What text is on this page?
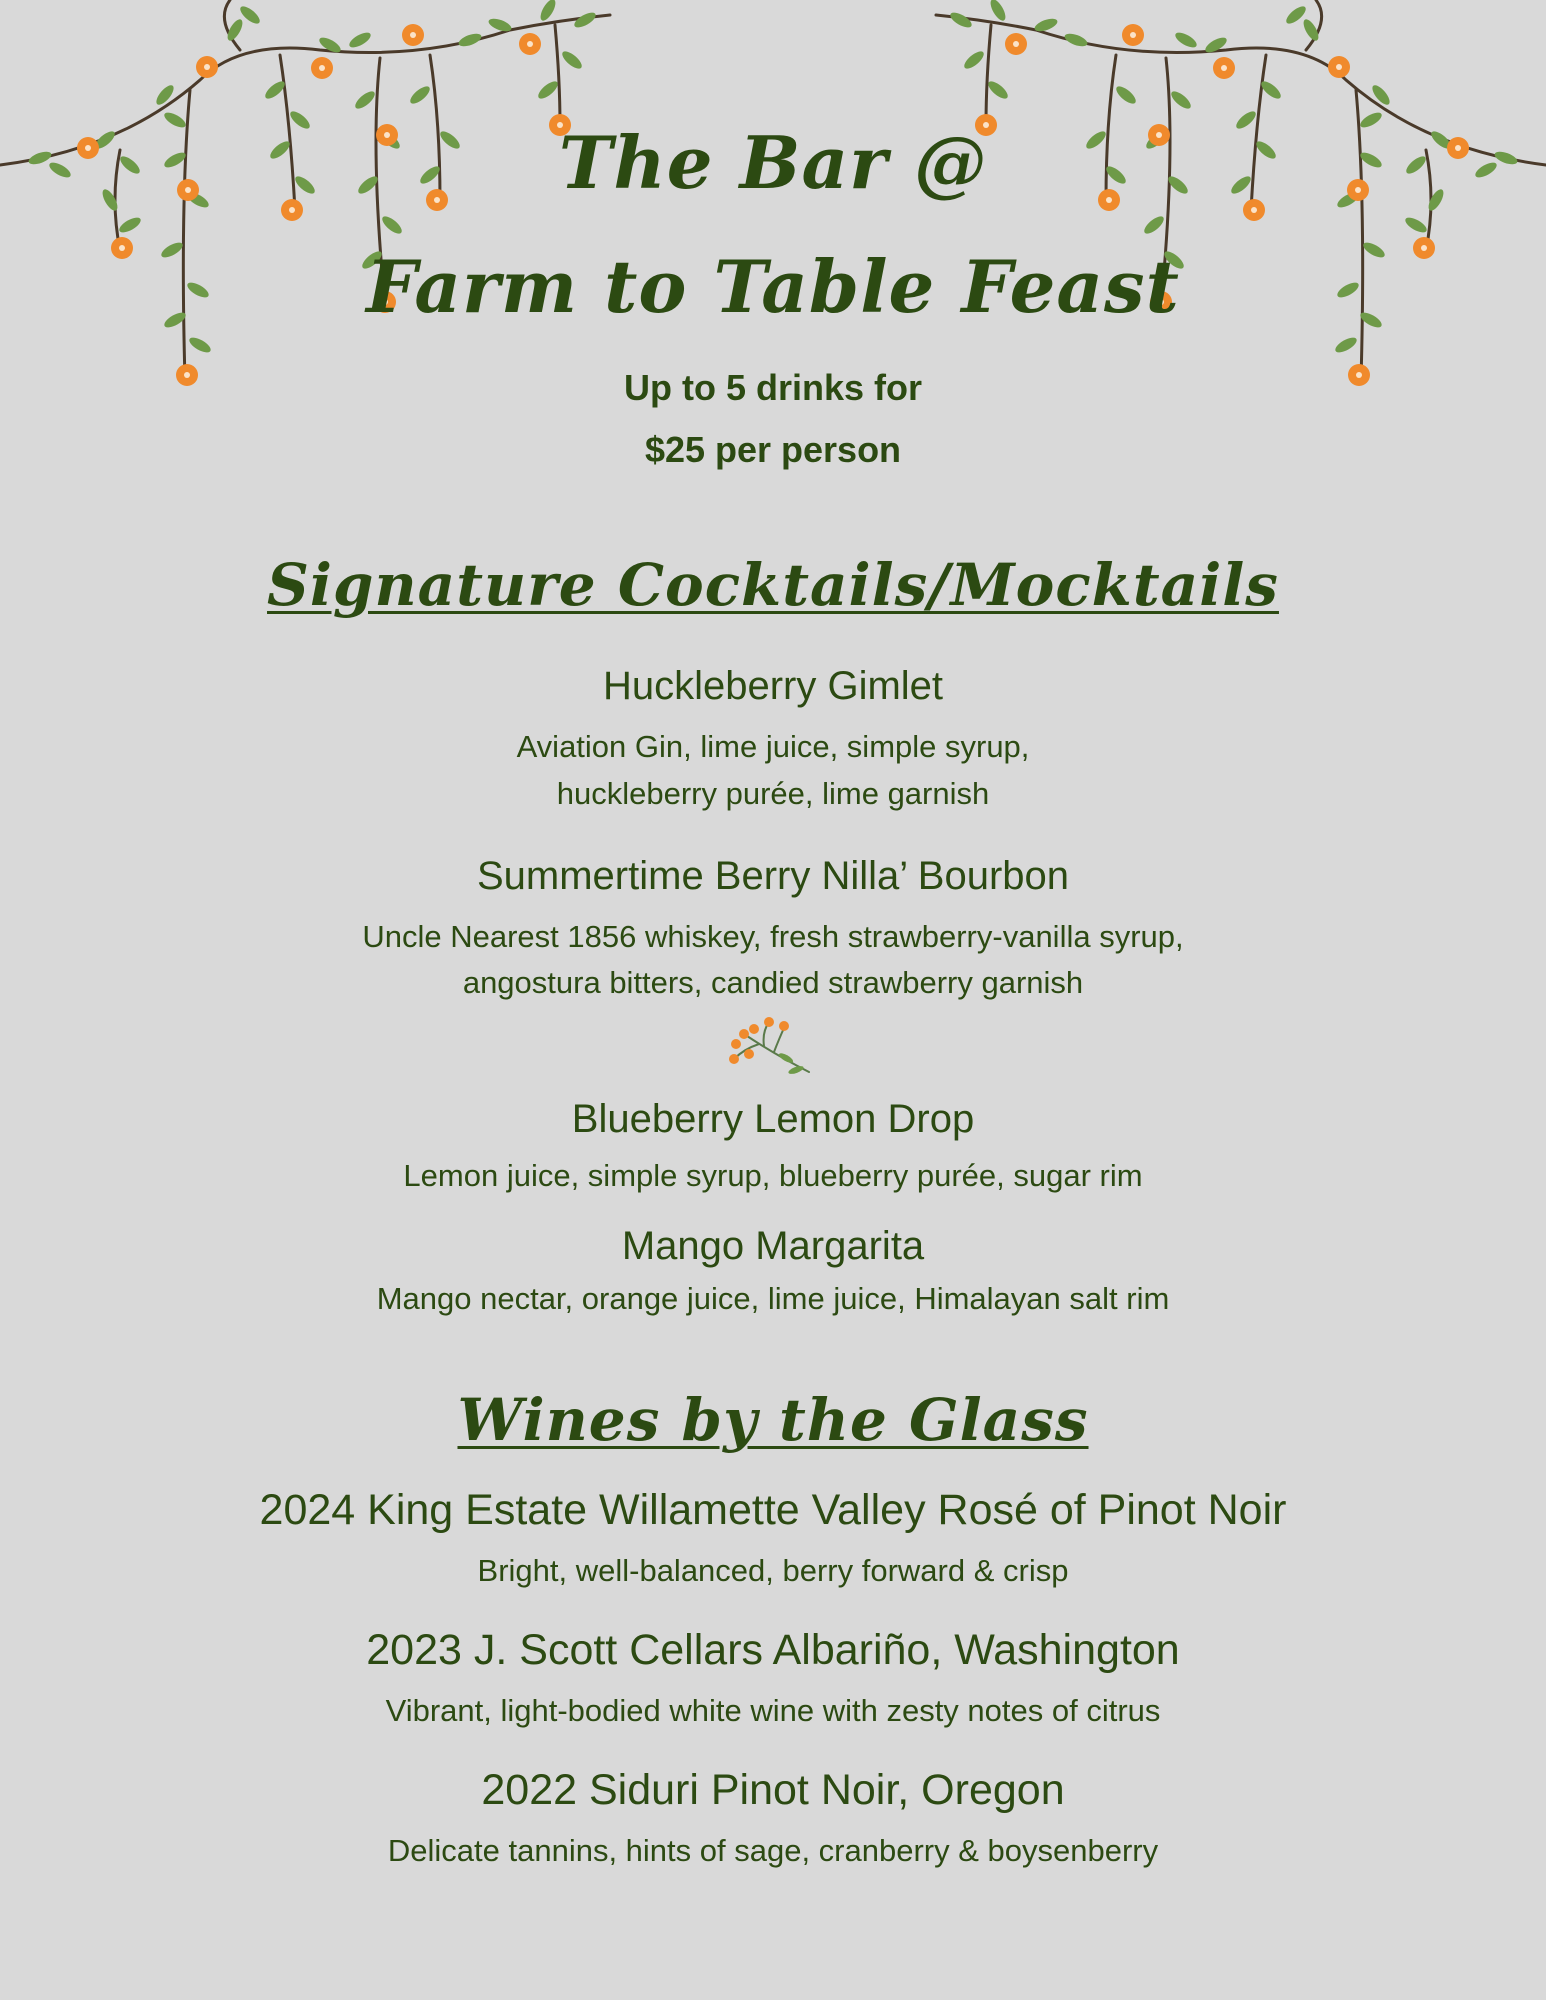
The Bar @
Farm to Table Feast
Up to 5 drinks for
$25 per person
Signature Cocktails/Mocktails
Huckleberry Gimlet
Aviation Gin, lime juice, simple syrup,
huckleberry purée, lime garnish
Summertime Berry Nilla’ Bourbon
Uncle Nearest 1856 whiskey, fresh strawberry-vanilla syrup,
angostura bitters, candied strawberry garnish
Blueberry Lemon Drop
Lemon juice, simple syrup, blueberry purée, sugar rim
Mango Margarita
Mango nectar, orange juice, lime juice, Himalayan salt rim
Wines by the Glass
2024 King Estate Willamette Valley Rosé of Pinot Noir
Bright, well-balanced, berry forward & crisp
2023 J. Scott Cellars Albariño, Washington
Vibrant, light-bodied white wine with zesty notes of citrus
2022 Siduri Pinot Noir, Oregon
Delicate tannins, hints of sage, cranberry & boysenberry
